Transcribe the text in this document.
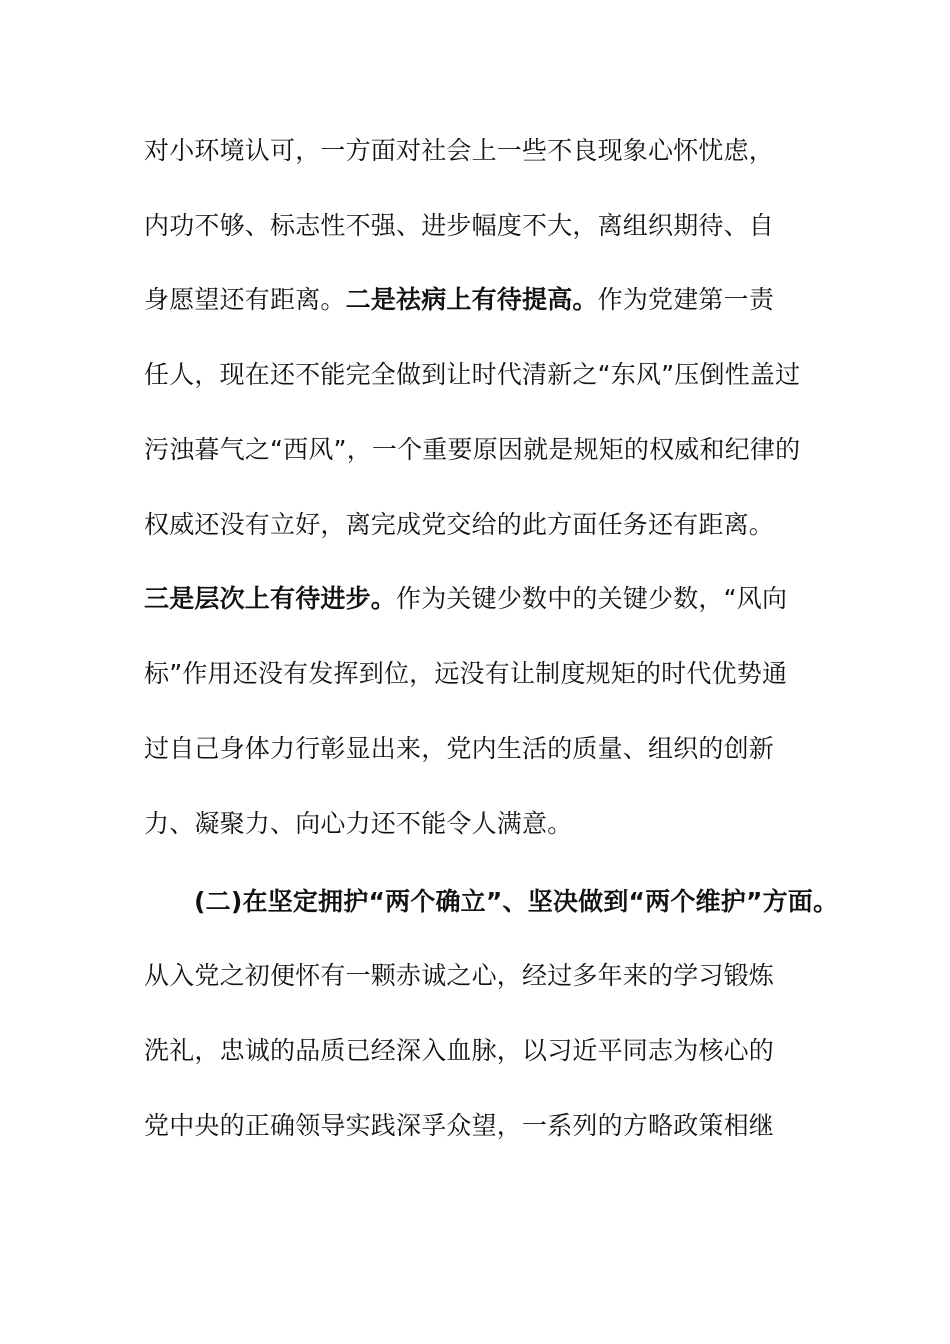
对小环境认可，一方面对社会上一些不良现象心怀忧虑，
内功不够、标志性不强、进步幅度不大，离组织期待、自
身愿望还有距离。二是祛病上有待提高。作为党建第一责
任人，现在还不能完全做到让时代清新之“东风”压倒性盖过
污浊暮气之“西风”，一个重要原因就是规矩的权威和纪律的
权威还没有立好，离完成党交给的此方面任务还有距离。
三是层次上有待进步。作为关键少数中的关键少数，“风向
标”作用还没有发挥到位，远没有让制度规矩的时代优势通
过自己身体力行彰显出来，党内生活的质量、组织的创新
力、凝聚力、向心力还不能令人满意。
(二)在坚定拥护“两个确立”、坚决做到“两个维护”方面。
从入党之初便怀有一颗赤诚之心，经过多年来的学习锻炼
洗礼，忠诚的品质已经深入血脉，以习近平同志为核心的
党中央的正确领导实践深孚众望，一系列的方略政策相继
